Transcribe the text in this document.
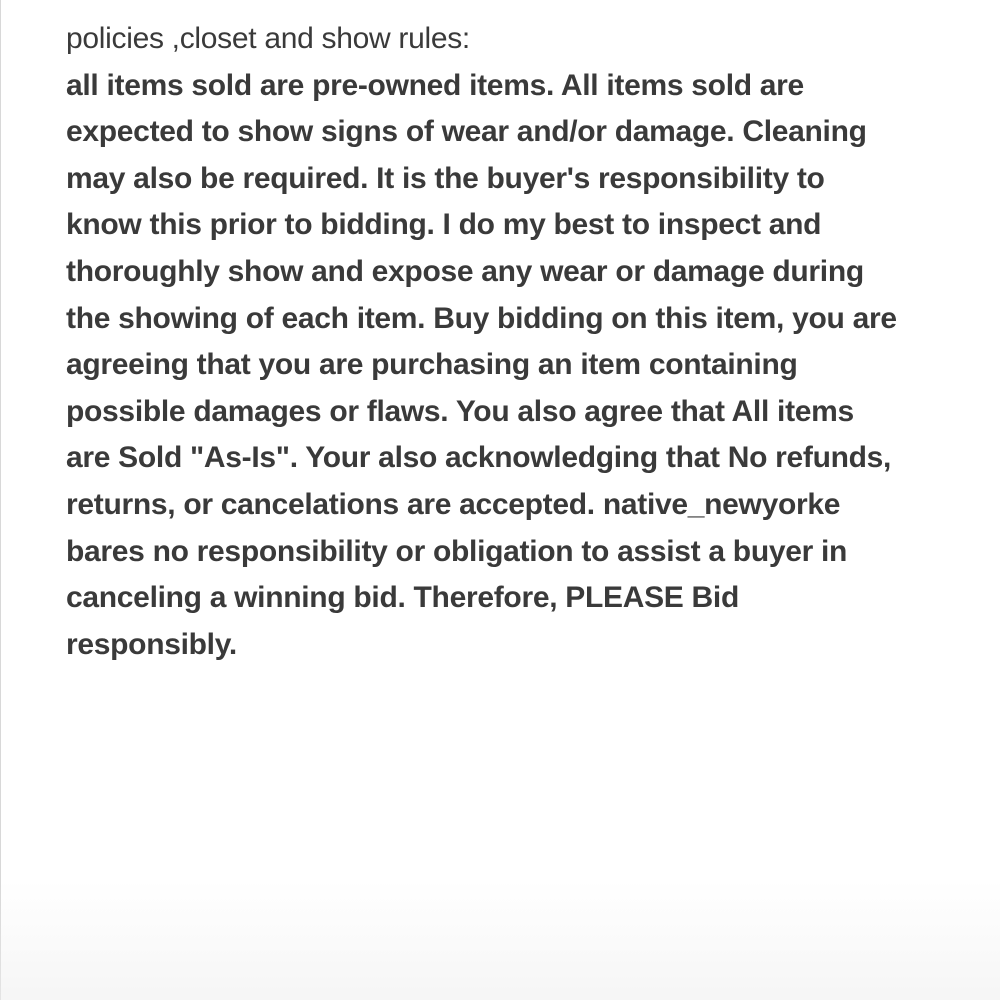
policies ,closet and show rules:
all items sold are pre-owned items. All items sold are
expected to show signs of wear and/or damage. Cleaning
may also be required. It is the buyer's responsibility to
know this prior to bidding. I do my best to inspect and
thoroughly show and expose any wear or damage during
the showing of each item. Buy bidding on this item, you are
agreeing that you are purchasing an item containing
possible damages or flaws. You also agree that All items
are Sold "As-Is". Your also acknowledging that No refunds,
returns, or cancelations are accepted. native_newyorke
bares no responsibility or obligation to assist a buyer in
canceling a winning bid. Therefore, PLEASE Bid
responsibly.
